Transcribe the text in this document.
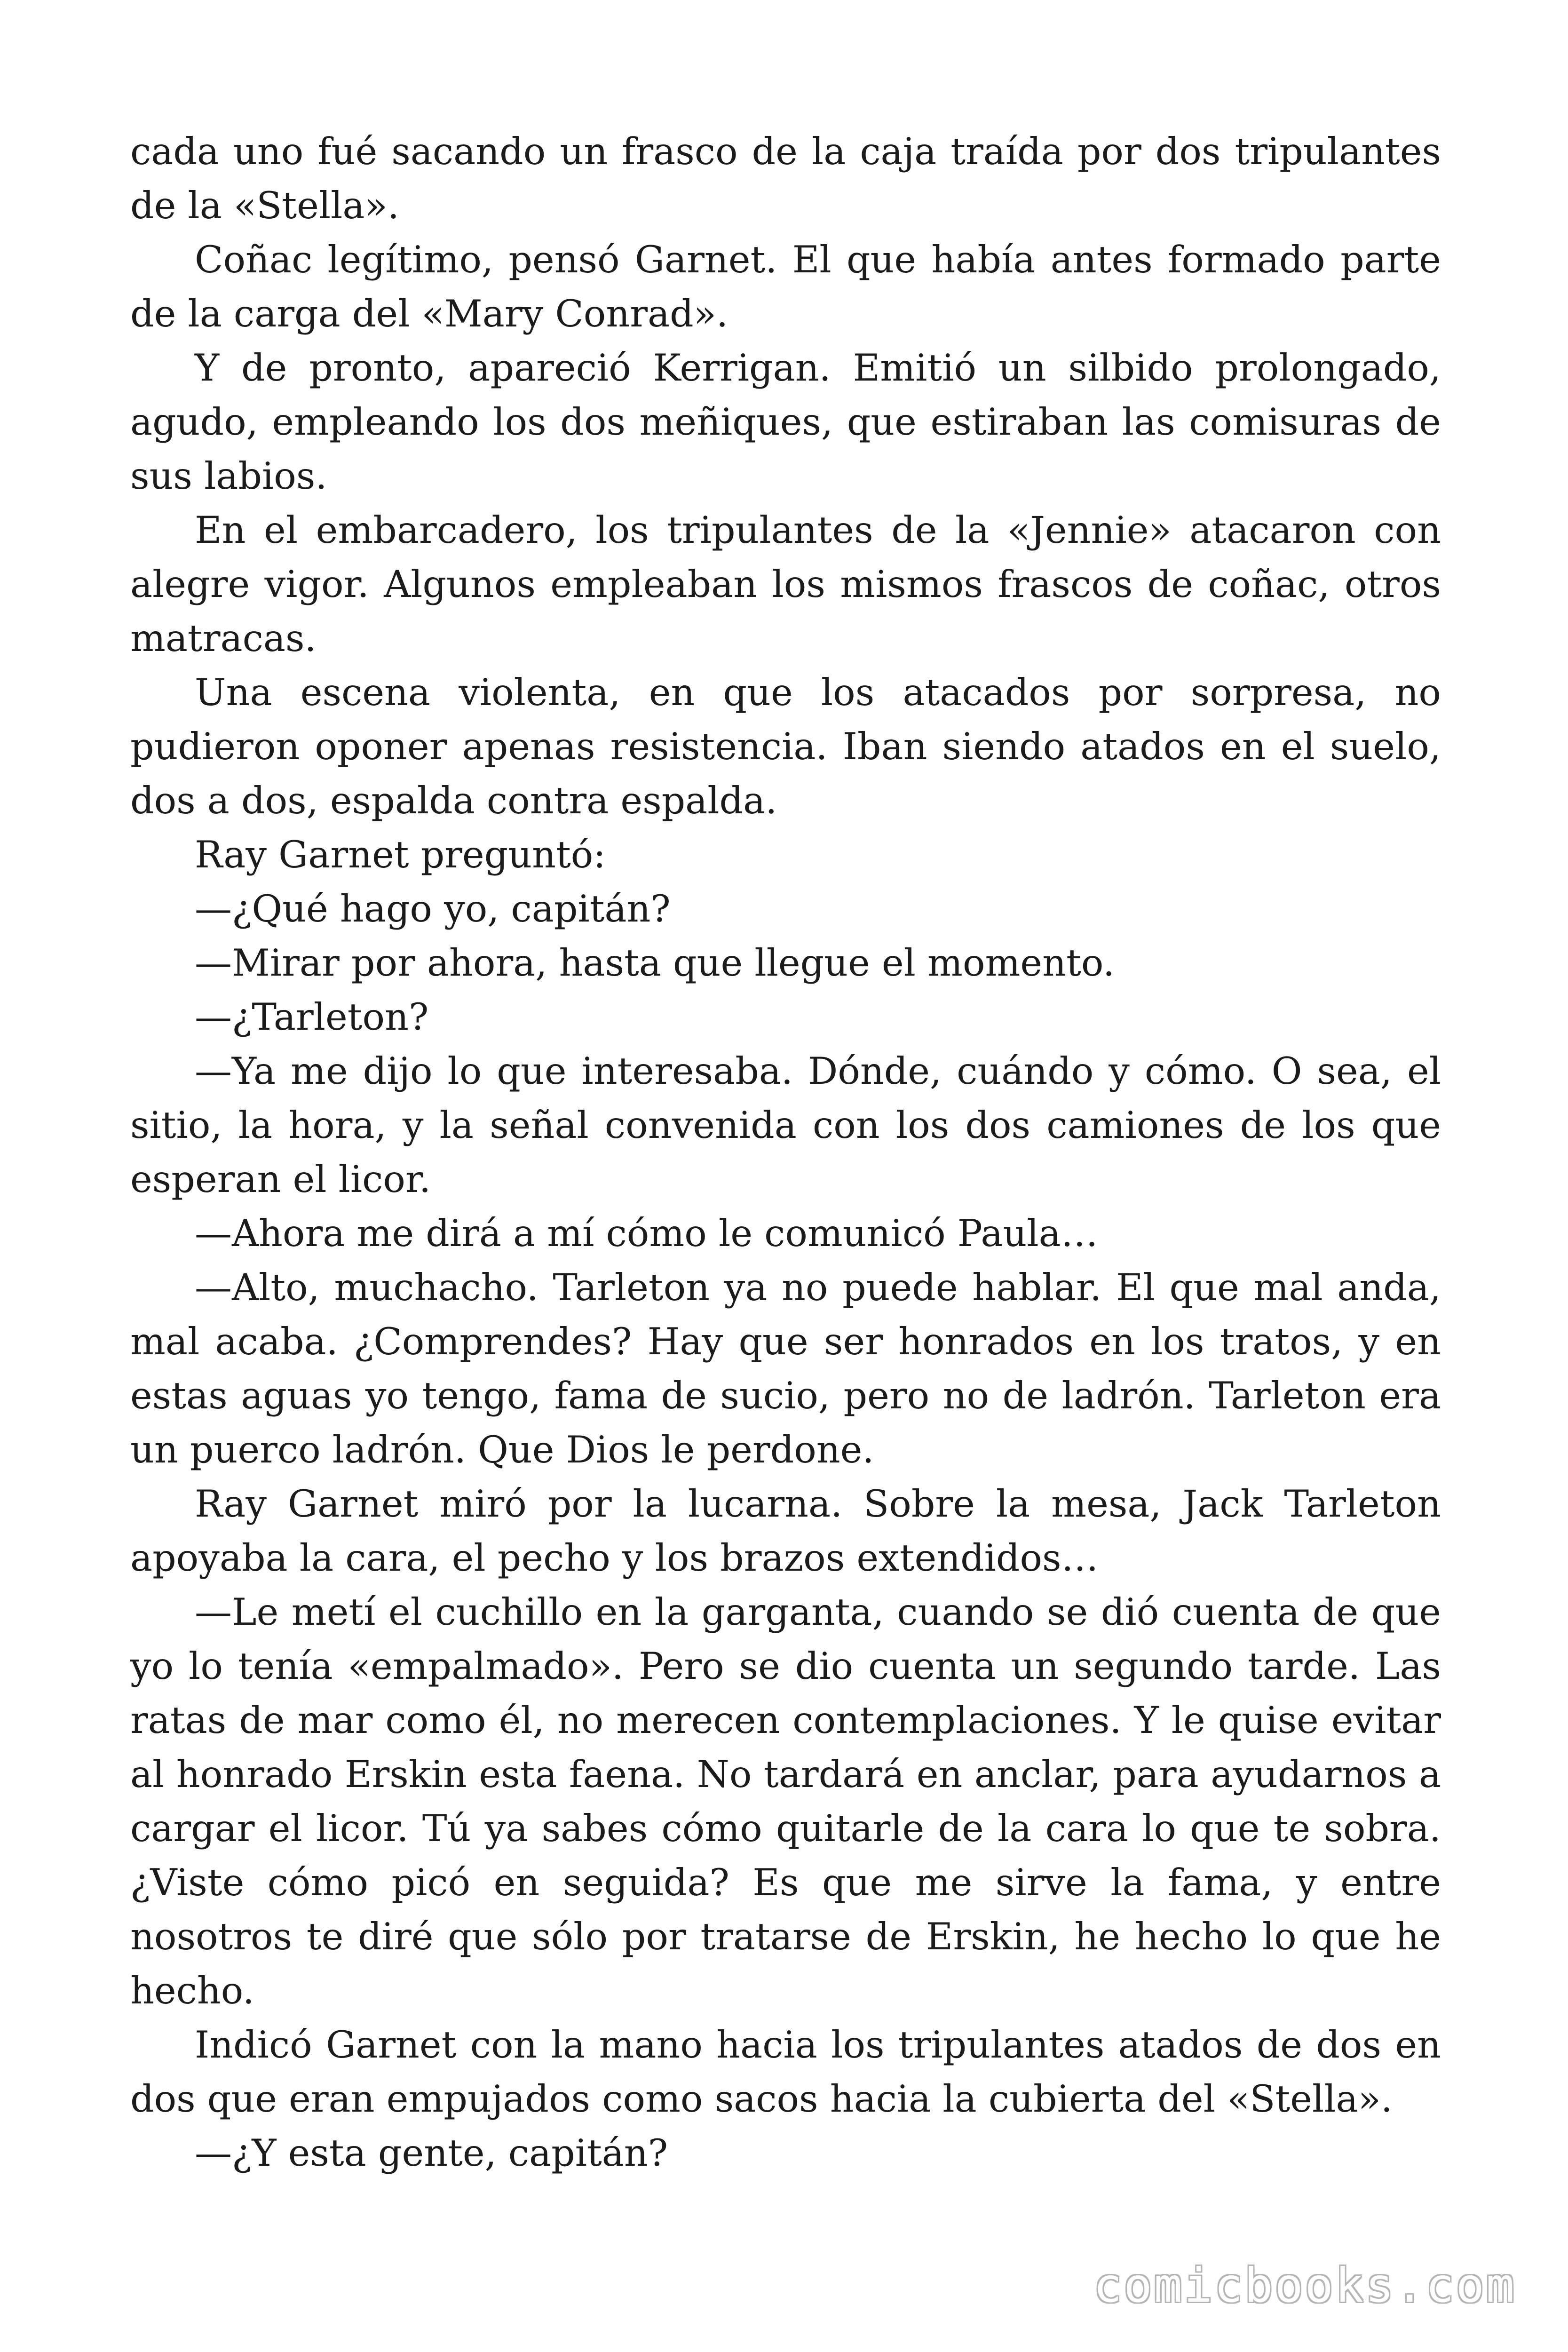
cada uno fué sacando un frasco de la caja traída por dos tripulantes de la «Stella».

Coñac legítimo, pensó Garnet. El que había antes formado parte de la carga del «Mary Conrad».

Y de pronto, apareció Kerrigan. Emitió un silbido prolongado, agudo, empleando los dos meñiques, que estiraban las comisuras de sus labios.

En el embarcadero, los tripulantes de la «Jennie» atacaron con alegre vigor. Algunos empleaban los mismos frascos de coñac, otros matracas.

Una escena violenta, en que los atacados por sorpresa, no pudieron oponer apenas resistencia. Iban siendo atados en el suelo, dos a dos, espalda contra espalda.

Ray Garnet preguntó:

—¿Qué hago yo, capitán?

—Mirar por ahora, hasta que llegue el momento.

—¿Tarleton?

—Ya me dijo lo que interesaba. Dónde, cuándo y cómo. O sea, el sitio, la hora, y la señal convenida con los dos camiones de los que esperan el licor.

—Ahora me dirá a mí cómo le comunicó Paula…

—Alto, muchacho. Tarleton ya no puede hablar. El que mal anda, mal acaba. ¿Comprendes? Hay que ser honrados en los tratos, y en estas aguas yo tengo, fama de sucio, pero no de ladrón. Tarleton era un puerco ladrón. Que Dios le perdone.

Ray Garnet miró por la lucarna. Sobre la mesa, Jack Tarleton apoyaba la cara, el pecho y los brazos extendidos…

—Le metí el cuchillo en la garganta, cuando se dió cuenta de que yo lo tenía «empalmado». Pero se dio cuenta un segundo tarde. Las ratas de mar como él, no merecen contemplaciones. Y le quise evitar al honrado Erskin esta faena. No tardará en anclar, para ayudarnos a cargar el licor. Tú ya sabes cómo quitarle de la cara lo que te sobra. ¿Viste cómo picó en seguida? Es que me sirve la fama, y entre nosotros te diré que sólo por tratarse de Erskin, he hecho lo que he hecho.

Indicó Garnet con la mano hacia los tripulantes atados de dos en dos que eran empujados como sacos hacia la cubierta del «Stella».

—¿Y esta gente, capitán?

comicbooks.com
